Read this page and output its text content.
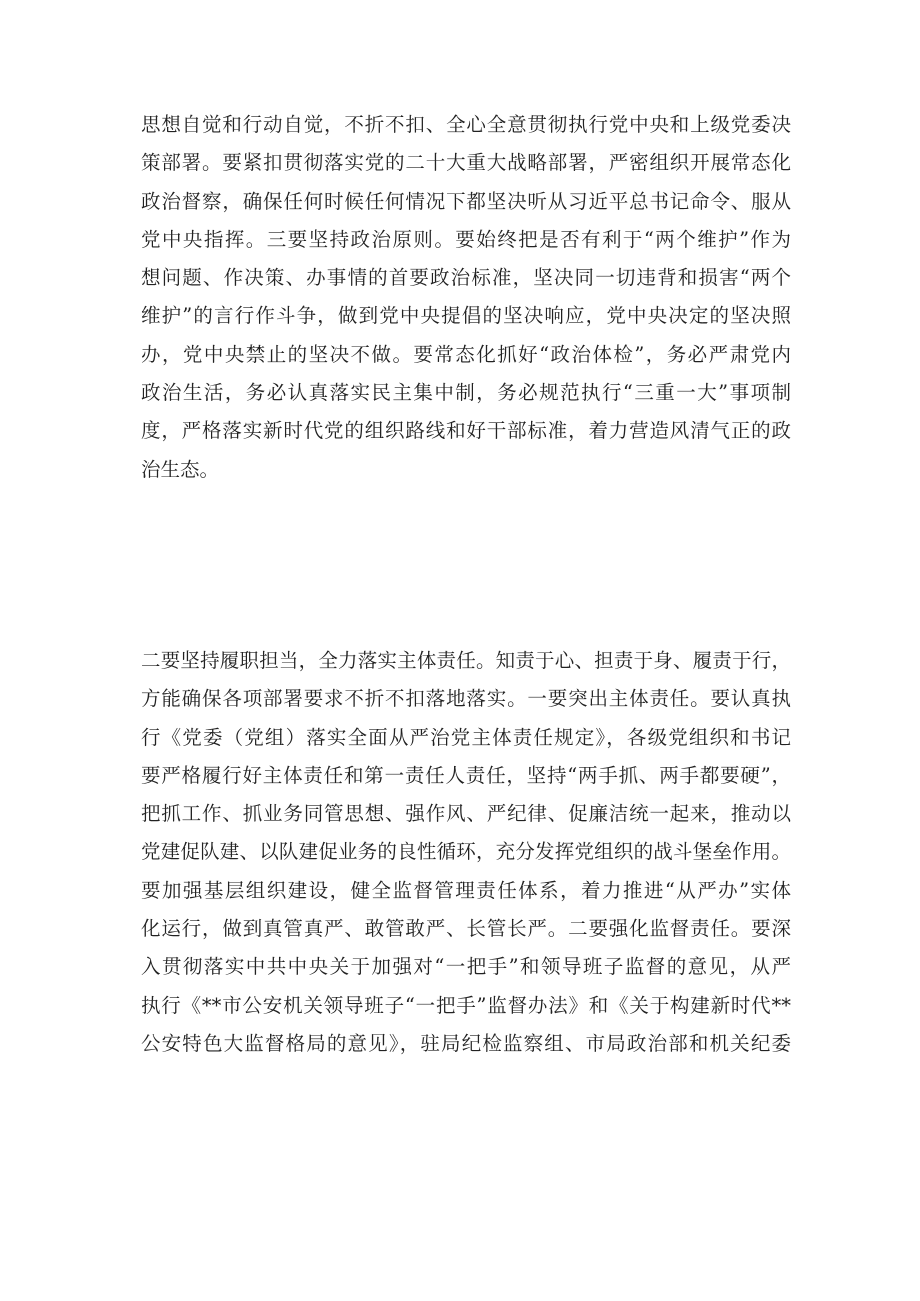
思想自觉和行动自觉，不折不扣、全心全意贯彻执行党中央和上级党委决
策部署。要紧扣贯彻落实党的二十大重大战略部署，严密组织开展常态化
政治督察，确保任何时候任何情况下都坚决听从习近平总书记命令、服从
党中央指挥。三要坚持政治原则。要始终把是否有利于“两个维护”作为
想问题、作决策、办事情的首要政治标准，坚决同一切违背和损害“两个
维护”的言行作斗争，做到党中央提倡的坚决响应，党中央决定的坚决照
办，党中央禁止的坚决不做。要常态化抓好“政治体检”，务必严肃党内
政治生活，务必认真落实民主集中制，务必规范执行“三重一大”事项制
度，严格落实新时代党的组织路线和好干部标准，着力营造风清气正的政
治生态。
二要坚持履职担当，全力落实主体责任。知责于心、担责于身、履责于行，
方能确保各项部署要求不折不扣落地落实。一要突出主体责任。要认真执
行《党委（党组）落实全面从严治党主体责任规定》，各级党组织和书记
要严格履行好主体责任和第一责任人责任，坚持“两手抓、两手都要硬”，
把抓工作、抓业务同管思想、强作风、严纪律、促廉洁统一起来，推动以
党建促队建、以队建促业务的良性循环，充分发挥党组织的战斗堡垒作用。
要加强基层组织建设，健全监督管理责任体系，着力推进“从严办”实体
化运行，做到真管真严、敢管敢严、长管长严。二要强化监督责任。要深
入贯彻落实中共中央关于加强对“一把手”和领导班子监督的意见，从严
执行《**市公安机关领导班子“一把手”监督办法》和《关于构建新时代**
公安特色大监督格局的意见》，驻局纪检监察组、市局政治部和机关纪委
